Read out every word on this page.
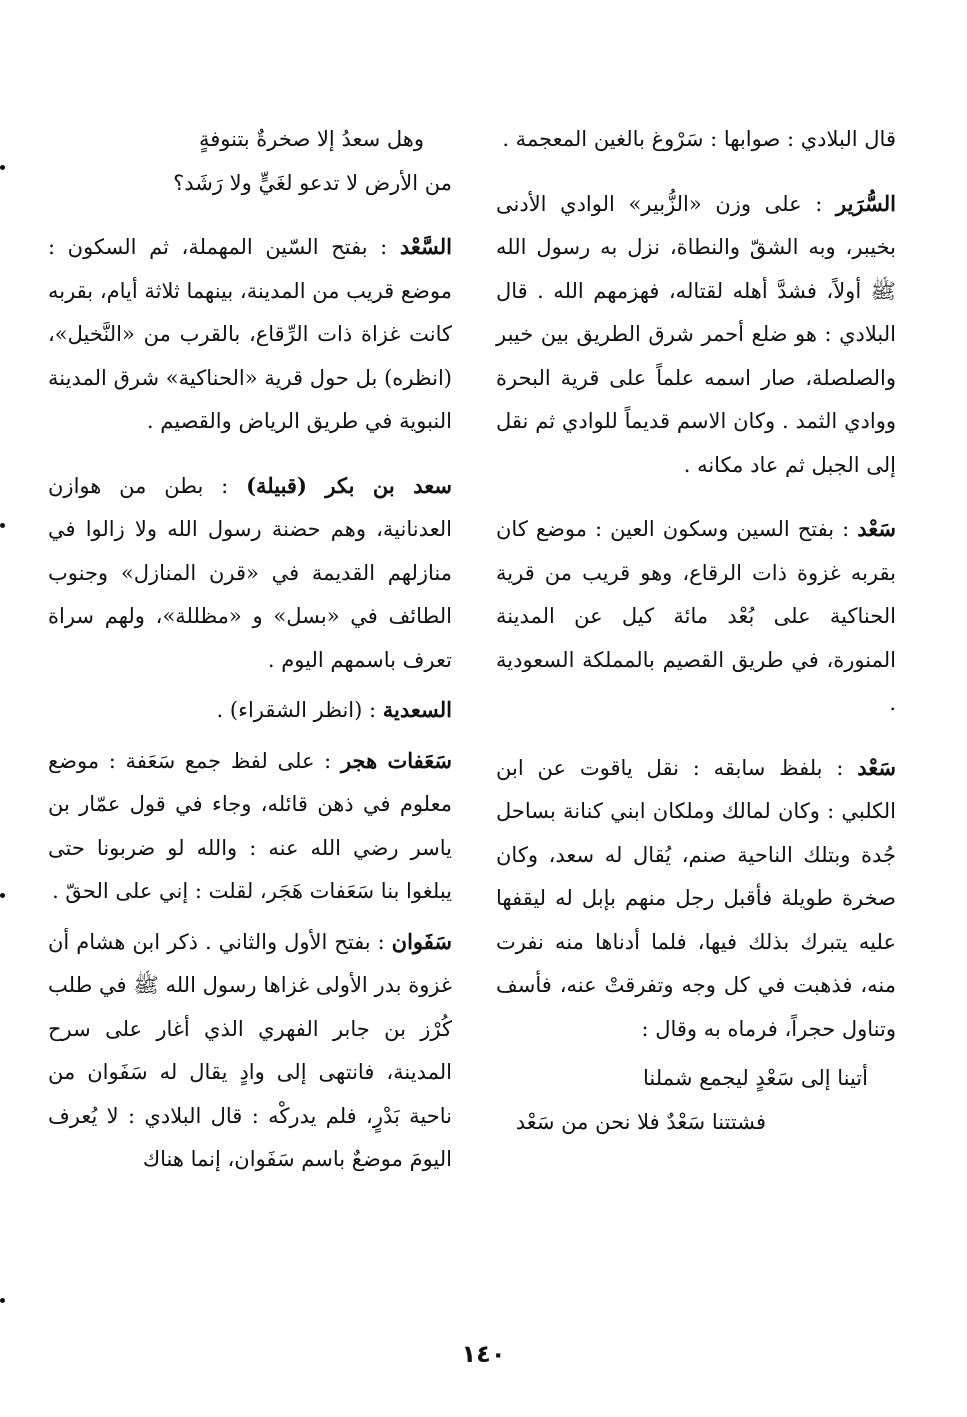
قال البلادي : صوابها : سَرْوغ بالغين المعجمة .

السُّرَير : على وزن «الزُّبير» الوادي الأدنى بخيبر، وبه الشقّ والنطاة، نزل به رسول الله ﷺ أولاً، فشدَّ أهله لقتاله، فهزمهم الله . قال البلادي : هو ضلع أحمر شرق الطريق بين خيبر والصلصلة، صار اسمه علماً على قرية البحرة ووادي الثمد . وكان الاسم قديماً للوادي ثم نقل إلى الجبل ثم عاد مكانه .

سَعْد : بفتح السين وسكون العين : موضع كان بقربه غزوة ذات الرقاع، وهو قريب من قرية الحناكية على بُعْد مائة كيل عن المدينة المنورة، في طريق القصيم بالمملكة السعودية .

سَعْد : بلفظ سابقه : نقل ياقوت عن ابن الكلبي : وكان لمالك وملكان ابني كنانة بساحل جُدة وبتلك الناحية صنم، يُقال له سعد، وكان صخرة طويلة فأقبل رجل منهم بإبل له ليقفها عليه يتبرك بذلك فيها، فلما أدناها منه نفرت منه، فذهبت في كل وجه وتفرقتْ عنه، فأسف وتناول حجراً، فرماه به وقال :

أتينا إلى سَعْدٍ ليجمع شملنا

فشتتنا سَعْدٌ فلا نحن من سَعْد

وهل سعدُ إلا صخرةٌ بتنوفةٍ

من الأرض لا تدعو لغَيٍّ ولا رَشَد؟

السَّعْد : بفتح السّين المهملة، ثم السكون : موضع قريب من المدينة، بينهما ثلاثة أيام، بقربه كانت غزاة ذات الرِّقاع، بالقرب من «النَّخيل»، (انظره) بل حول قرية «الحناكية» شرق المدينة النبوية في طريق الرياض والقصيم .

سعد بن بكر (قبيلة) : بطن من هوازن العدنانية، وهم حضنة رسول الله ولا زالوا في منازلهم القديمة في «قرن المنازل» وجنوب الطائف في «بسل» و «مظللة»، ولهم سراة تعرف باسمهم اليوم .

السعدية : (انظر الشقراء) .

سَعَفات هجر : على لفظ جمع سَعَفة : موضع معلوم في ذهن قائله، وجاء في قول عمّار بن ياسر رضي الله عنه : والله لو ضربونا حتى يبلغوا بنا سَعَفات هَجَر، لقلت : إني على الحقّ .

سَفَوان : بفتح الأول والثاني . ذكر ابن هشام أن غزوة بدر الأولى غزاها رسول الله ﷺ في طلب كُرْز بن جابر الفهري الذي أغار على سرح المدينة، فانتهى إلى وادٍ يقال له سَفَوان من ناحية بَدْرٍ، فلم يدركْه : قال البلادي : لا يُعرف اليومَ موضعٌ باسم سَفَوان، إنما هناك

١٤٠
